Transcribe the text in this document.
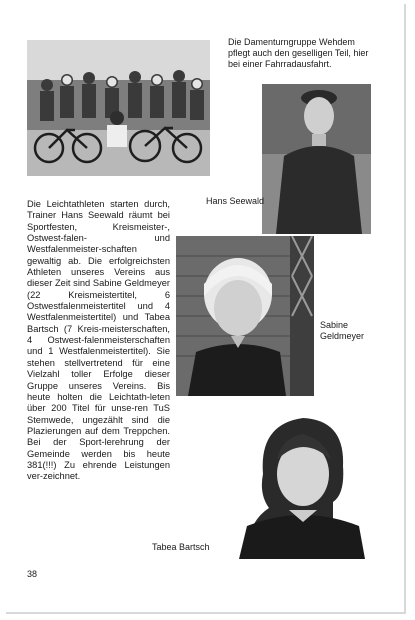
Die Damenturngruppe Wehdem pflegt auch den geselligen Teil, hier bei einer Fahrradausfahrt.
Hans Seewald

Die Leichtathleten starten durch, Trainer Hans Seewald räumt bei Sportfesten, Kreismeister-, Ostwest-falen- und Westfalenmeister-schaften gewaltig ab. Die erfolgreichsten Athleten unseres Vereins aus dieser Zeit sind Sabine Geldmeyer (22 Kreismeistertitel, 6 Ostwestfalenmeistertitel und 4 Westfalenmeistertitel) und Tabea Bartsch (7 Kreis-meisterschaften, 4 Ostwest-falenmeisterschaften und 1 Westfalenmeistertitel). Sie stehen stellvertretend für eine Vielzahl toller Erfolge dieser Gruppe unseres Vereins. Bis heute holten die Leichtath-leten über 200 Titel für unse-ren TuS Stemwede, ungezählt sind die Plazierungen auf dem Treppchen. Bei der Sport-lerehrung der Gemeinde werden bis heute 381(!!!) Zu ehrende Leistungen ver-zeichnet.

Sabine Geldmeyer
Tabea Bartsch
38
